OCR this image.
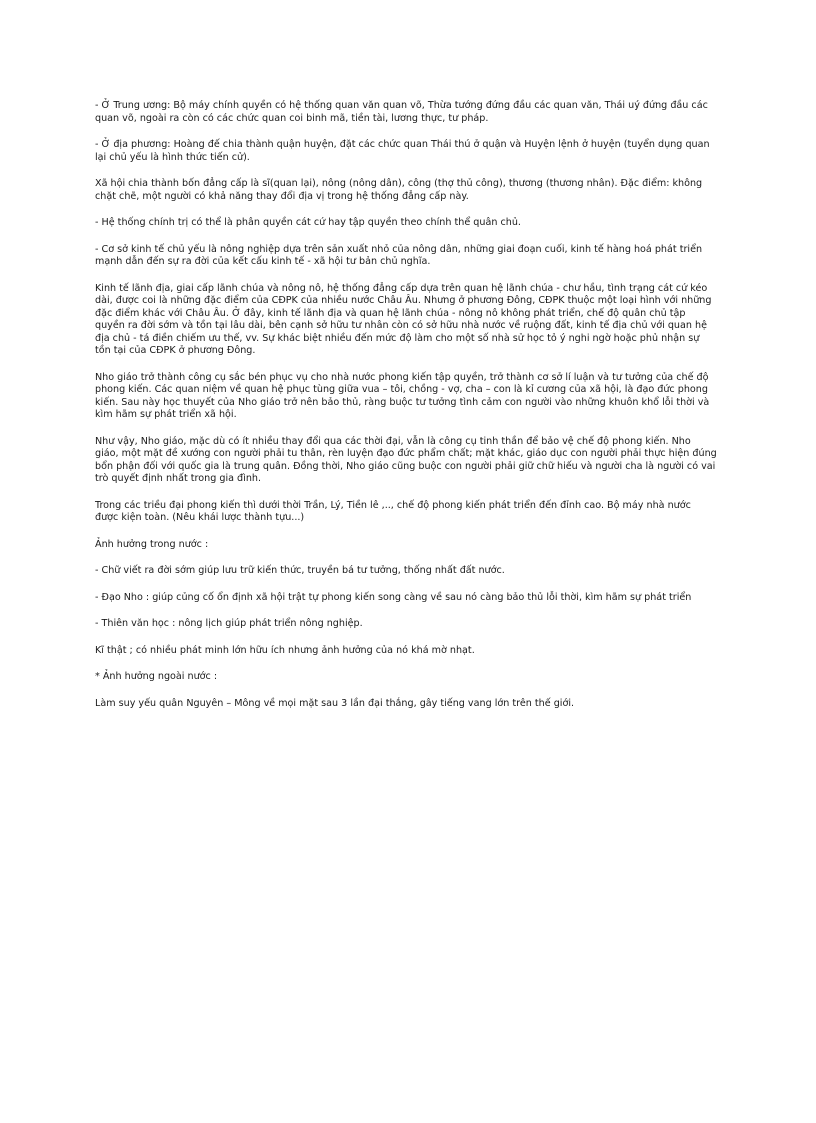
- Ở Trung ương: Bộ máy chính quyền có hệ thống quan văn quan võ, Thừa tướng đứng đầu các quan văn, Thái uý đứng đầu các quan võ, ngoài ra còn có các chức quan coi binh mã, tiền tài, lương thực, tư pháp.

- Ở địa phương: Hoàng đế chia thành quận huyện, đặt các chức quan Thái thú ở quận và Huyện lệnh ở huyện (tuyển dụng quan lại chủ yếu là hình thức tiến cử).

Xã hội chia thành bốn đẳng cấp là sĩ(quan lại), nông (nông dân), công (thợ thủ công), thương (thương nhân). Đặc điểm: không chặt chẽ, một người có khả năng thay đổi địa vị trong hệ thống đẳng cấp này.

- Hệ thống chính trị có thể là phân quyền cát cứ hay tập quyền theo chính thể quân chủ.

- Cơ sở kinh tế chủ yếu là nông nghiệp dựa trên sản xuất nhỏ của nông dân, những giai đoạn cuối, kinh tế hàng hoá phát triển mạnh dẫn đến sự ra đời của kết cấu kinh tế - xã hội tư bản chủ nghĩa.

Kinh tế lãnh địa, giai cấp lãnh chúa và nông nô, hệ thống đẳng cấp dựa trên quan hệ lãnh chúa - chư hầu, tình trạng cát cứ kéo dài, được coi là những đặc điểm của CĐPK của nhiều nước Châu Âu. Nhưng ở phương Đông, CĐPK thuộc một loại hình với những đặc điểm khác với Châu Âu. Ở đây, kinh tế lãnh địa và quan hệ lãnh chúa - nông nô không phát triển, chế độ quân chủ tập quyền ra đời sớm và tồn tại lâu dài, bên cạnh sở hữu tư nhân còn có sở hữu nhà nước về ruộng đất, kinh tế địa chủ với quan hệ địa chủ - tá điền chiếm ưu thế, vv. Sự khác biệt nhiều đến mức độ làm cho một số nhà sử học tỏ ý nghi ngờ hoặc phủ nhận sự tồn tại của CĐPK ở phương Đông.

Nho giáo trở thành công cụ sắc bén phục vụ cho nhà nước phong kiến tập quyền, trở thành cơ sở lí luận và tư tưởng của chế độ phong kiến. Các quan niệm về quan hệ phục tùng giữa vua – tôi, chồng - vợ, cha – con là kỉ cương của xã hội, là đạo đức phong kiến. Sau này học thuyết của Nho giáo trở nên bảo thủ, ràng buộc tư tưởng tình cảm con người vào những khuôn khổ lỗi thời và kìm hãm sự phát triển xã hội.

Như vậy, Nho giáo, mặc dù có ít nhiều thay đổi qua các thời đại, vẫn là công cụ tinh thần để bảo vệ chế độ phong kiến. Nho giáo, một mặt đề xướng con người phải tu thân, rèn luyện đạo đức phẩm chất; mặt khác, giáo dục con người phải thực hiện đúng bổn phận đối với quốc gia là trung quân. Đồng thời, Nho giáo cũng buộc con người phải giữ chữ hiếu và người cha là người có vai trò quyết định nhất trong gia đình.

Trong các triều đại phong kiến thì dưới thời Trần, Lý, Tiền lê ,.., chế độ phong kiến phát triển đến đỉnh cao. Bộ máy nhà nước được kiện toàn. (Nêu khái lược thành tựu...)

Ảnh hưởng trong nước :

- Chữ viết ra đời sớm giúp lưu trữ kiến thức, truyền bá tư tưởng, thống nhất đất nước.

- Đạo Nho : giúp củng cố ổn định xã hội trật tự phong kiến song càng về sau nó càng bảo thủ lỗi thời, kìm hãm sự phát triển

- Thiên văn học : nông lịch giúp phát triển nông nghiệp.

Kĩ thật ; có nhiều phát minh lớn hữu ích nhưng ảnh hưởng của nó khá mờ nhạt.

* Ảnh hưởng ngoài nước :

Làm suy yếu quân Nguyên – Mông về mọi mặt sau 3 lần đại thắng, gây tiếng vang lớn trên thế giới.
